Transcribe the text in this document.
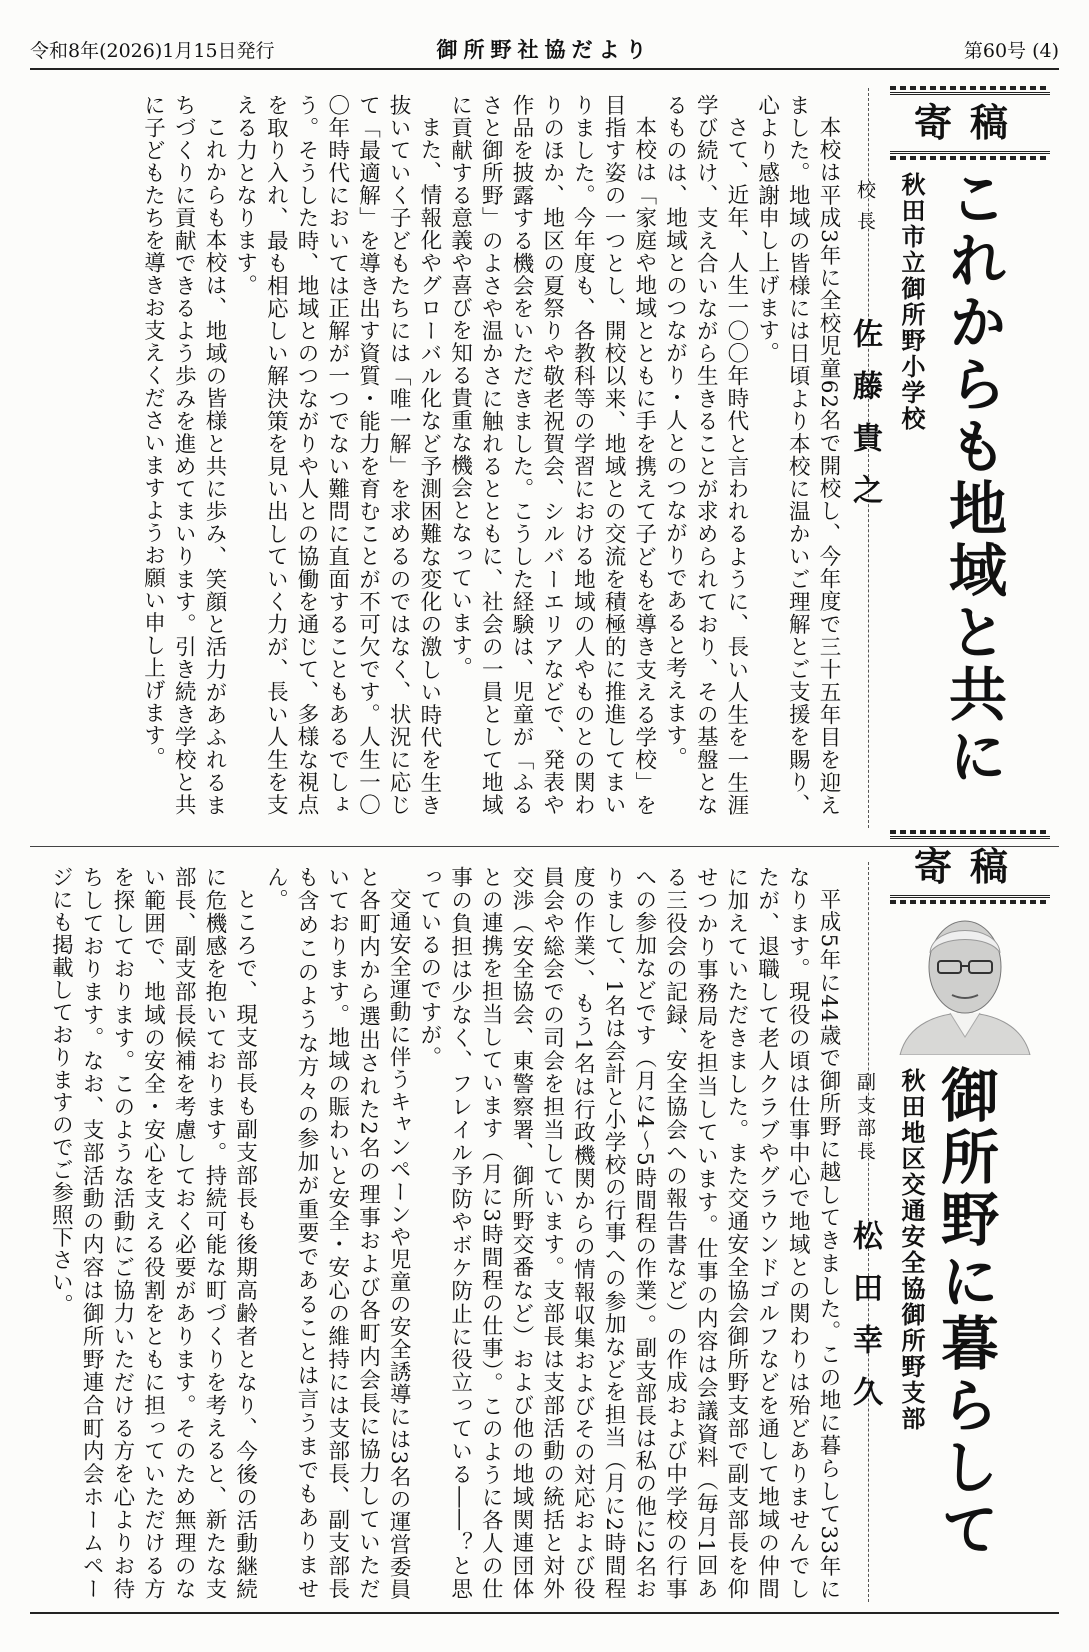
令和8年(2026)1月15日発行	御所野社協だより	第60号 (4)
寄稿
これからも地域と共に
秋田市立御所野小学校
校長
佐藤貴之

本校は平成3年に全校児童62名で開校し、今年度で三十五年目を迎えました。地域の皆様には日頃より本校に温かいご理解とご支援を賜り、心より感謝申し上げます。

さて、近年、人生一〇〇年時代と言われるように、長い人生を一生涯学び続け、支え合いながら生きることが求められており、その基盤となるものは、地域とのつながり・人とのつながりであると考えます。

本校は「家庭や地域とともに手を携えて子どもを導き支える学校」を目指す姿の一つとし、開校以来、地域との交流を積極的に推進してまいりました。今年度も、各教科等の学習における地域の人やものとの関わりのほか、地区の夏祭りや敬老祝賀会、シルバーエリアなどで、発表や作品を披露する機会をいただきました。こうした経験は、児童が「ふるさと御所野」のよさや温かさに触れるとともに、社会の一員として地域に貢献する意義や喜びを知る貴重な機会となっています。

また、情報化やグローバル化など予測困難な変化の激しい時代を生き抜いていく子どもたちには「唯一解」を求めるのではなく、状況に応じて「最適解」を導き出す資質・能力を育むことが不可欠です。人生一〇〇年時代においては正解が一つでない難問に直面することもあるでしょう。そうした時、地域とのつながりや人との協働を通じて、多様な視点を取り入れ、最も相応しい解決策を見い出していく力が、長い人生を支える力となります。

これからも本校は、地域の皆様と共に歩み、笑顔と活力があふれるまちづくりに貢献できるよう歩みを進めてまいります。引き続き学校と共に子どもたちを導きお支えくださいますようお願い申し上げます。

寄稿
御所野に暮らして
秋田地区交通安全協御所野支部
副支部長
松田幸久

平成5年に44歳で御所野に越してきました。この地に暮らして33年になります。現役の頃は仕事中心で地域との関わりは殆どありませんでしたが、退職して老人クラブやグラウンドゴルフなどを通して地域の仲間に加えていただきました。また交通安全協会御所野支部で副支部長を仰せつかり事務局を担当しています。仕事の内容は会議資料（毎月1回ある三役会の記録、安全協会への報告書など）の作成および中学校の行事への参加などです（月に4〜5時間程の作業）。副支部長は私の他に2名おりまして、1名は会計と小学校の行事への参加などを担当（月に2時間程度の作業）、もう1名は行政機関からの情報収集およびその対応および役員会や総会での司会を担当しています。支部長は支部活動の統括と対外交渉（安全協会、東警察署、御所野交番など）および他の地域関連団体との連携を担当しています（月に3時間程の仕事）。このように各人の仕事の負担は少なく、フレイル予防やボケ防止に役立っている――？と思っているのですが。

交通安全運動に伴うキャンペーンや児童の安全誘導には3名の運営委員と各町内から選出された2名の理事および各町内会長に協力していただいております。地域の賑わいと安全・安心の維持には支部長、副支部長も含めこのような方々の参加が重要であることは言うまでもありません。

ところで、現支部長も副支部長も後期高齢者となり、今後の活動継続に危機感を抱いております。持続可能な町づくりを考えると、新たな支部長、副支部長候補を考慮しておく必要があります。そのため無理のない範囲で、地域の安全・安心を支える役割をともに担っていただける方を探しております。このような活動にご協力いただける方を心よりお待ちしております。なお、支部活動の内容は御所野連合町内会ホームページにも掲載しておりますのでご参照下さい。
